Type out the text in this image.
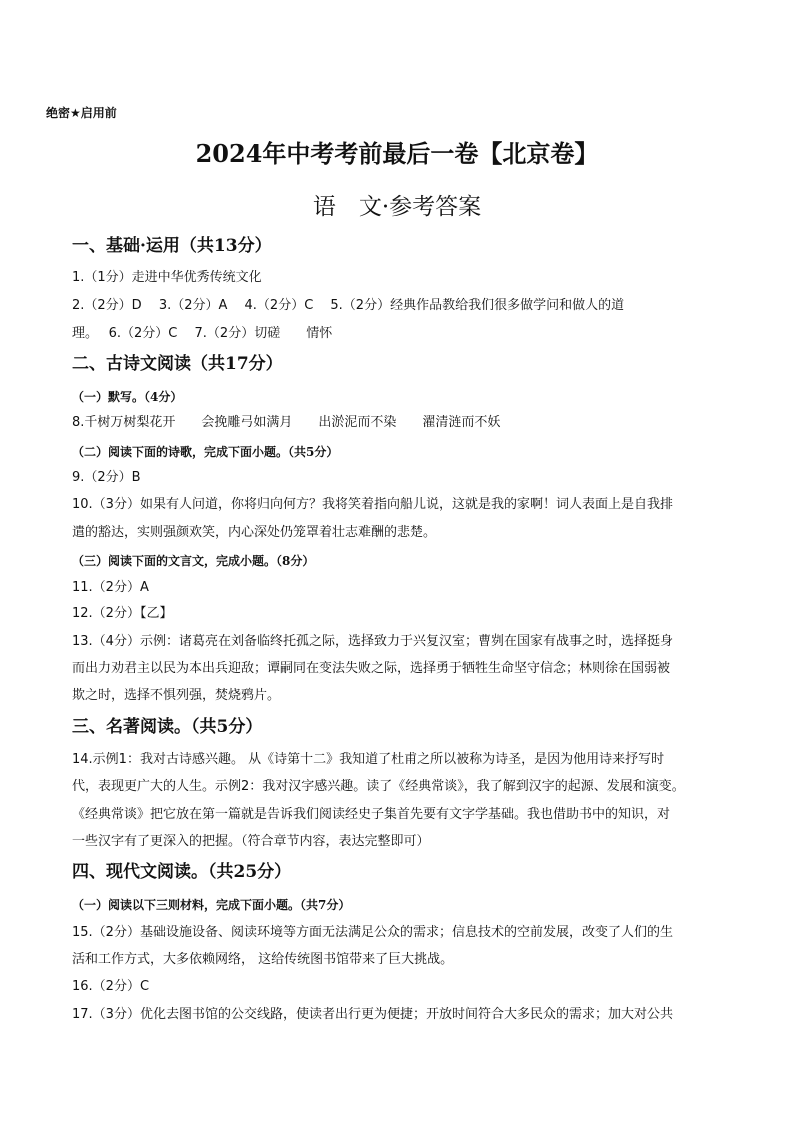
绝密★启用前
2024年中考考前最后一卷【北京卷】
语　文·参考答案
一、基础·运用（共13分）
1.（1分）走进中华优秀传统文化
2.（2分）D　 3.（2分）A　 4.（2分）C　 5.（2分）经典作品教给我们很多做学问和做人的道
理。　 6.（2分）C　 7.（2分）切磋　　情怀
二、古诗文阅读（共17分）
（一）默写。（4分）
8.千树万树梨花开　　会挽雕弓如满月　　出淤泥而不染　　濯清涟而不妖
（二）阅读下面的诗歌，完成下面小题。（共5分）
9.（2分）B
10.（3分）如果有人问道，你将归向何方？我将笑着指向船儿说，这就是我的家啊！词人表面上是自我排
遣的豁达，实则强颜欢笑，内心深处仍笼罩着壮志难酬的悲楚。
（三）阅读下面的文言文，完成小题。（8分）
11.（2分）A
12.（2分）【乙】
13.（4分）示例：诸葛亮在刘备临终托孤之际，选择致力于兴复汉室；曹刿在国家有战事之时，选择挺身
而出力劝君主以民为本出兵迎敌；谭嗣同在变法失败之际，选择勇于牺牲生命坚守信念；林则徐在国弱被
欺之时，选择不惧列强，焚烧鸦片。
三、名著阅读。（共5分）
14.示例1：我对古诗感兴趣。 从《诗第十二》我知道了杜甫之所以被称为诗圣，是因为他用诗来抒写时
代，表现更广大的人生。示例2：我对汉字感兴趣。读了《经典常谈》，我了解到汉字的起源、发展和演变。
《经典常谈》把它放在第一篇就是告诉我们阅读经史子集首先要有文字学基础。我也借助书中的知识，对
一些汉字有了更深入的把握。（符合章节内容，表达完整即可）
四、现代文阅读。（共25分）
（一）阅读以下三则材料，完成下面小题。（共7分）
15.（2分）基础设施设备、阅读环境等方面无法满足公众的需求；信息技术的空前发展，改变了人们的生
活和工作方式，大多依赖网络， 这给传统图书馆带来了巨大挑战。
16.（2分）C
17.（3分）优化去图书馆的公交线路，使读者出行更为便捷；开放时间符合大多民众的需求；加大对公共
